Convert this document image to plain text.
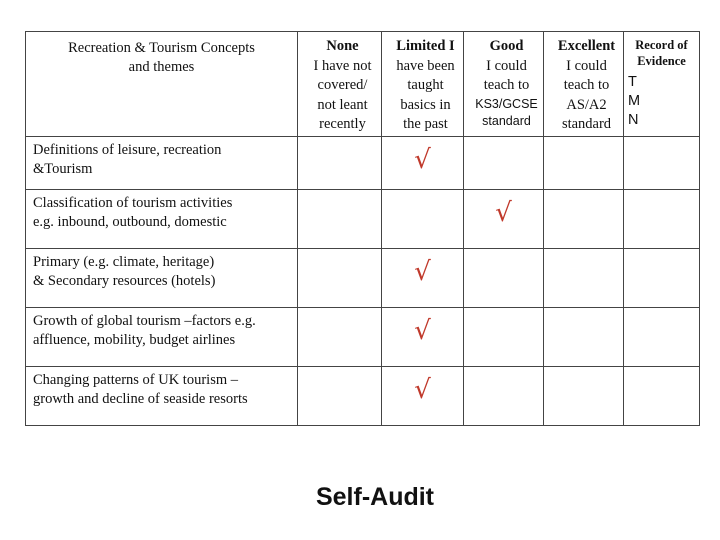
Recreation & Tourism Concepts and themes	None
I have not
covered/
not leant
recently	Limited I
have been
taught
basics in
the past	Good
I could
teach to
KS3/GCSE
standard	Excellent
I could
teach to
AS/A2
standard	Record of Evidence
T
M
N

Definitions of leisure, recreation
&Tourism		√			

Classification of tourism activities
e.g. inbound, outbound, domestic			√		

Primary (e.g. climate, heritage)
& Secondary resources (hotels)		√			

Growth of global tourism –factors e.g.
affluence, mobility, budget airlines		√			

Changing patterns of UK tourism –
growth and decline of seaside resorts		√			

Self-Audit
